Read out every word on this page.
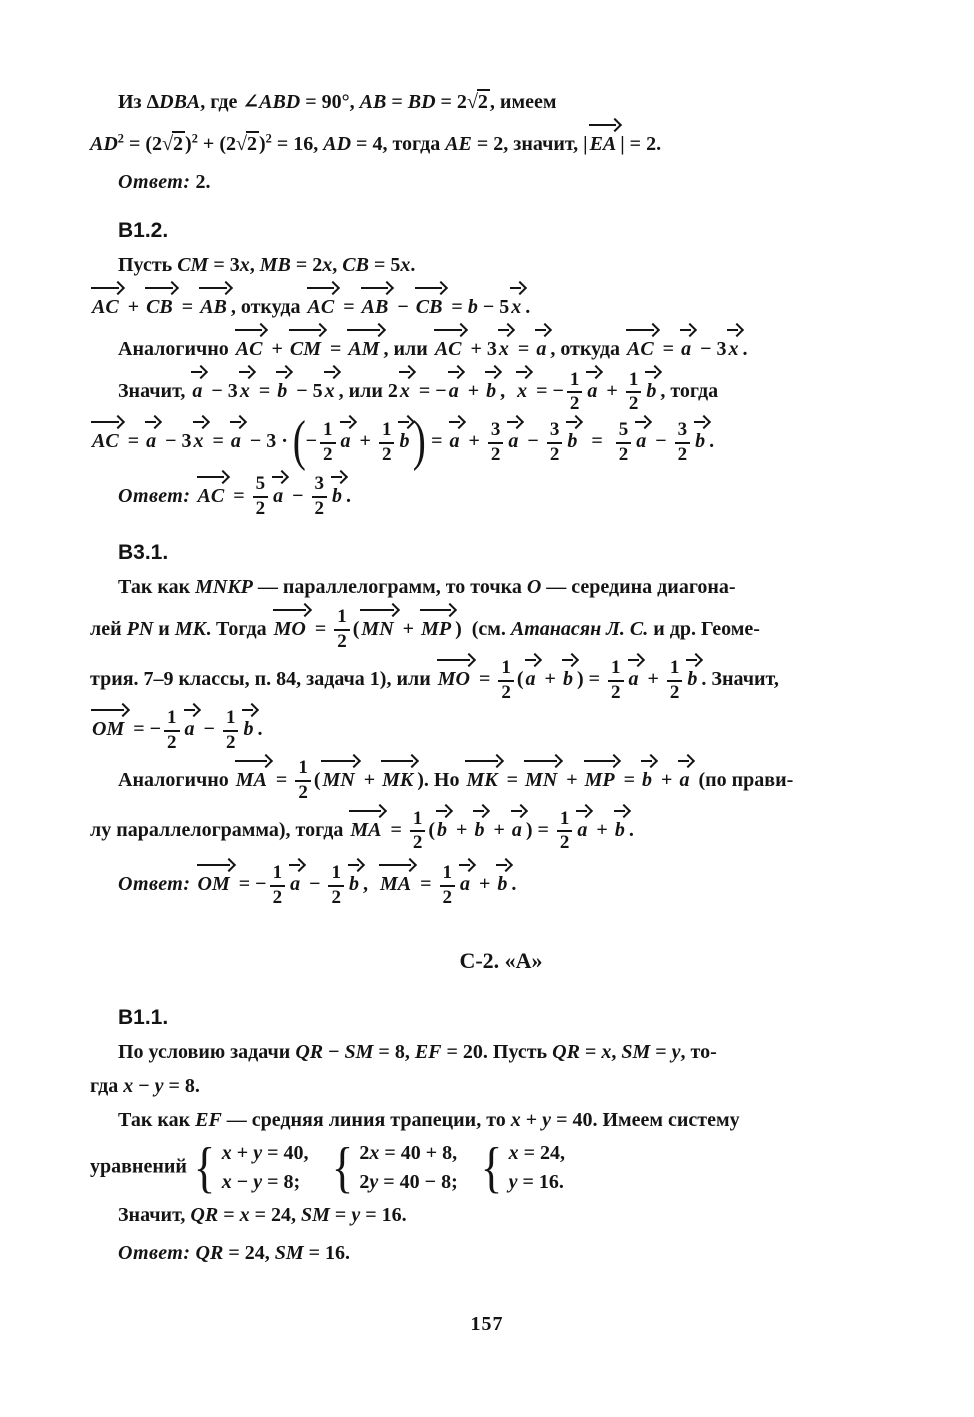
Из ΔDBA, где ∠ABD = 90°, AB = BD = 2√2 , имеем
$AD^2 = (2√2$ )$^2$ + (2√2 )$^2$ = 16, AD = 4, тогда AE = 2, значит, | EA | = 2.
Ответ: 2.
В1.2.
Пусть CM = 3x, MB = 2x, CB = 5x.
AC + CB = AB , откуда AC = AB − CB = b − 5 x .
Аналогично AC + CM = AM , или AC + 3 x = a , откуда AC = a − 3 x .
Значит, a − 3 x = b − 5 x , или 2 x = − a + b ,  x = − $\frac{1}{2}$ $a + \frac{1}{2}$ b , тогда
AC = a − 3 x = a − 3 · (− $\frac{1}{2}$ $a + \frac{1}{2} b) = a + \frac{3}{2}$ $a - \frac{3}{2}$ $b = \frac{5}{2}$ $a - \frac{3}{2}$ b .
Ответ: AC = $\frac{5}{2}$ $a - \frac{3}{2}$ b .
В3.1.
Так как MNKP — параллелограмм, то точка O — середина диагона-
лей PN и MK. Тогда MO = $\frac{1}{2}$ ( MN + MP )  (см. Атанасян Л. С. и др. Геоме-
трия. 7–9 классы, п. 84, задача 1), или MO = $\frac{1}{2}$ ( a + b ) = $\frac{1}{2}$ $a + \frac{1}{2}$ b . Значит,
OM = − $\frac{1}{2}$ $a - \frac{1}{2}$ b .
Аналогично MA = $\frac{1}{2}$ ( MN + MK ). Но MK = MN + MP = b + a (по прави-
лу параллелограмма), тогда MA = $\frac{1}{2}$ ( b + b + a ) = $\frac{1}{2}$ a + b .
Ответ: OM = − $\frac{1}{2}$ $a - \frac{1}{2}$ b ,  MA = $\frac{1}{2}$ a + b .
С-2. «А»
В1.1.
По условию задачи QR − SM = 8, EF = 20. Пусть QR = x, SM = y, то-
гда x − y = 8.
Так как EF — средняя линия трапеции, то x + y = 40. Имеем систему
уравнений { x + y = 40,
x − y = 8; { 2x = 40 + 8,
2y = 40 − 8; { x = 24,
y = 16.
Значит, QR = x = 24, SM = y = 16.
Ответ: QR = 24, SM = 16.
157
